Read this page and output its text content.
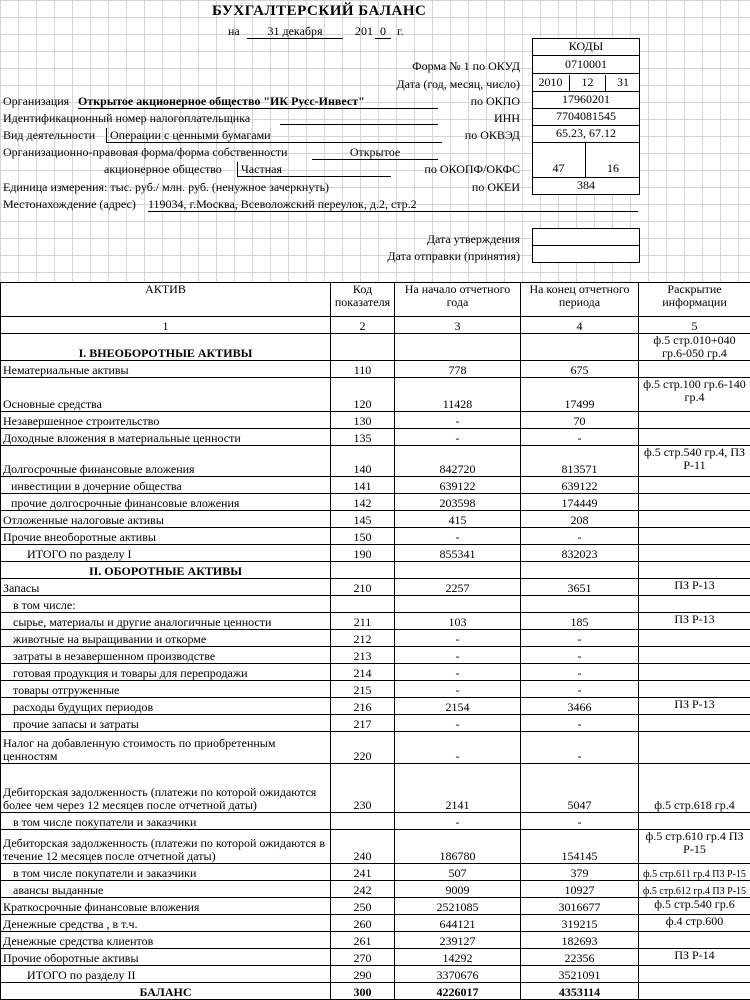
БУХГАЛТЕРСКИЙ БАЛАНС
на	31 декабря	201 0 г.
КОДЫ
0710001
2010	12	31
17960201
7704081545
65.23, 67.12
47	16
384
Форма № 1 по ОКУД
Дата (год, месяц, число)
по ОКПО
ИНН
по ОКВЭД
по ОКОПФ/ОКФС
по ОКЕИ
Организация Открытое акционерное общество "ИК Русс-Инвест"
Идентификационный номер налогоплательщика
Вид деятельности	Операции с ценными бумагами
Организационно-правовая форма/форма собственности	Открытое
акционерное общество	Частная
Единица измерения: тыс. руб./ млн. руб. (ненужное зачеркнуть)
Местонахождение (адрес) 119034, г.Москва, Всеволожский переулок, д.2, стр.2
Дата утверждения
Дата отправки (принятия)
АКТИВ	Код показателя	На начало отчетного года	На конец отчетного периода	Раскрытие информации
1	2	3	4	5
I. ВНЕОБОРОТНЫЕ АКТИВЫ				ф.5 стр.010+040 гр.6-050 гр.4
Нематериальные активы	110	778	675	
Основные средства	120	11428	17499	ф.5 стр.100 гр.6-140 гр.4
Незавершенное строительство	130	-	70	
Доходные вложения в материальные ценности	135	-	-	
Долгосрочные финансовые вложения	140	842720	813571	ф.5 стр.540 гр.4, ПЗ Р-11
инвестиции в дочерние общества	141	639122	639122	
прочие долгосрочные финансовые вложения	142	203598	174449	
Отложенные налоговые активы	145	415	208	
Прочие внеоборотные активы	150	-	-	
ИТОГО по разделу I	190	855341	832023	
II. ОБОРОТНЫЕ АКТИВЫ				
Запасы	210	2257	3651	ПЗ Р-13
в том числе:				
сырье, материалы и другие аналогичные ценности	211	103	185	ПЗ Р-13
животные на выращивании и откорме	212	-	-	
затраты в незавершенном производстве	213	-	-	
готовая продукция и товары для перепродажи	214	-	-	
товары отгруженные	215	-	-	
расходы будущих периодов	216	2154	3466	ПЗ Р-13
прочие запасы и затраты	217	-	-	
Налог на добавленную стоимость по приобретенным ценностям	220	-	-	
Дебиторская задолженность (платежи по которой ожидаются более чем через 12 месяцев после отчетной даты)	230	2141	5047	ф.5 стр.618 гр.4
в том числе покупатели и заказчики		-	-	
Дебиторская задолженность (платежи по которой ожидаются в течение 12 месяцев после отчетной даты)	240	186780	154145	ф.5 стр.610 гр.4 ПЗ Р-15
в том числе покупатели и заказчики	241	507	379	ф.5 стр.611 гр.4 ПЗ Р-15
авансы выданные	242	9009	10927	ф.5 стр.612 гр.4 ПЗ Р-15
Краткосрочные финансовые вложения	250	2521085	3016677	ф.5 стр.540 гр.6
Денежные средства , в т.ч.	260	644121	319215	ф.4 стр.600
Денежные средства клиентов	261	239127	182693	
Прочие оборотные активы	270	14292	22356	ПЗ Р-14
ИТОГО по разделу II	290	3370676	3521091	
БАЛАНС	300	4226017	4353114	
